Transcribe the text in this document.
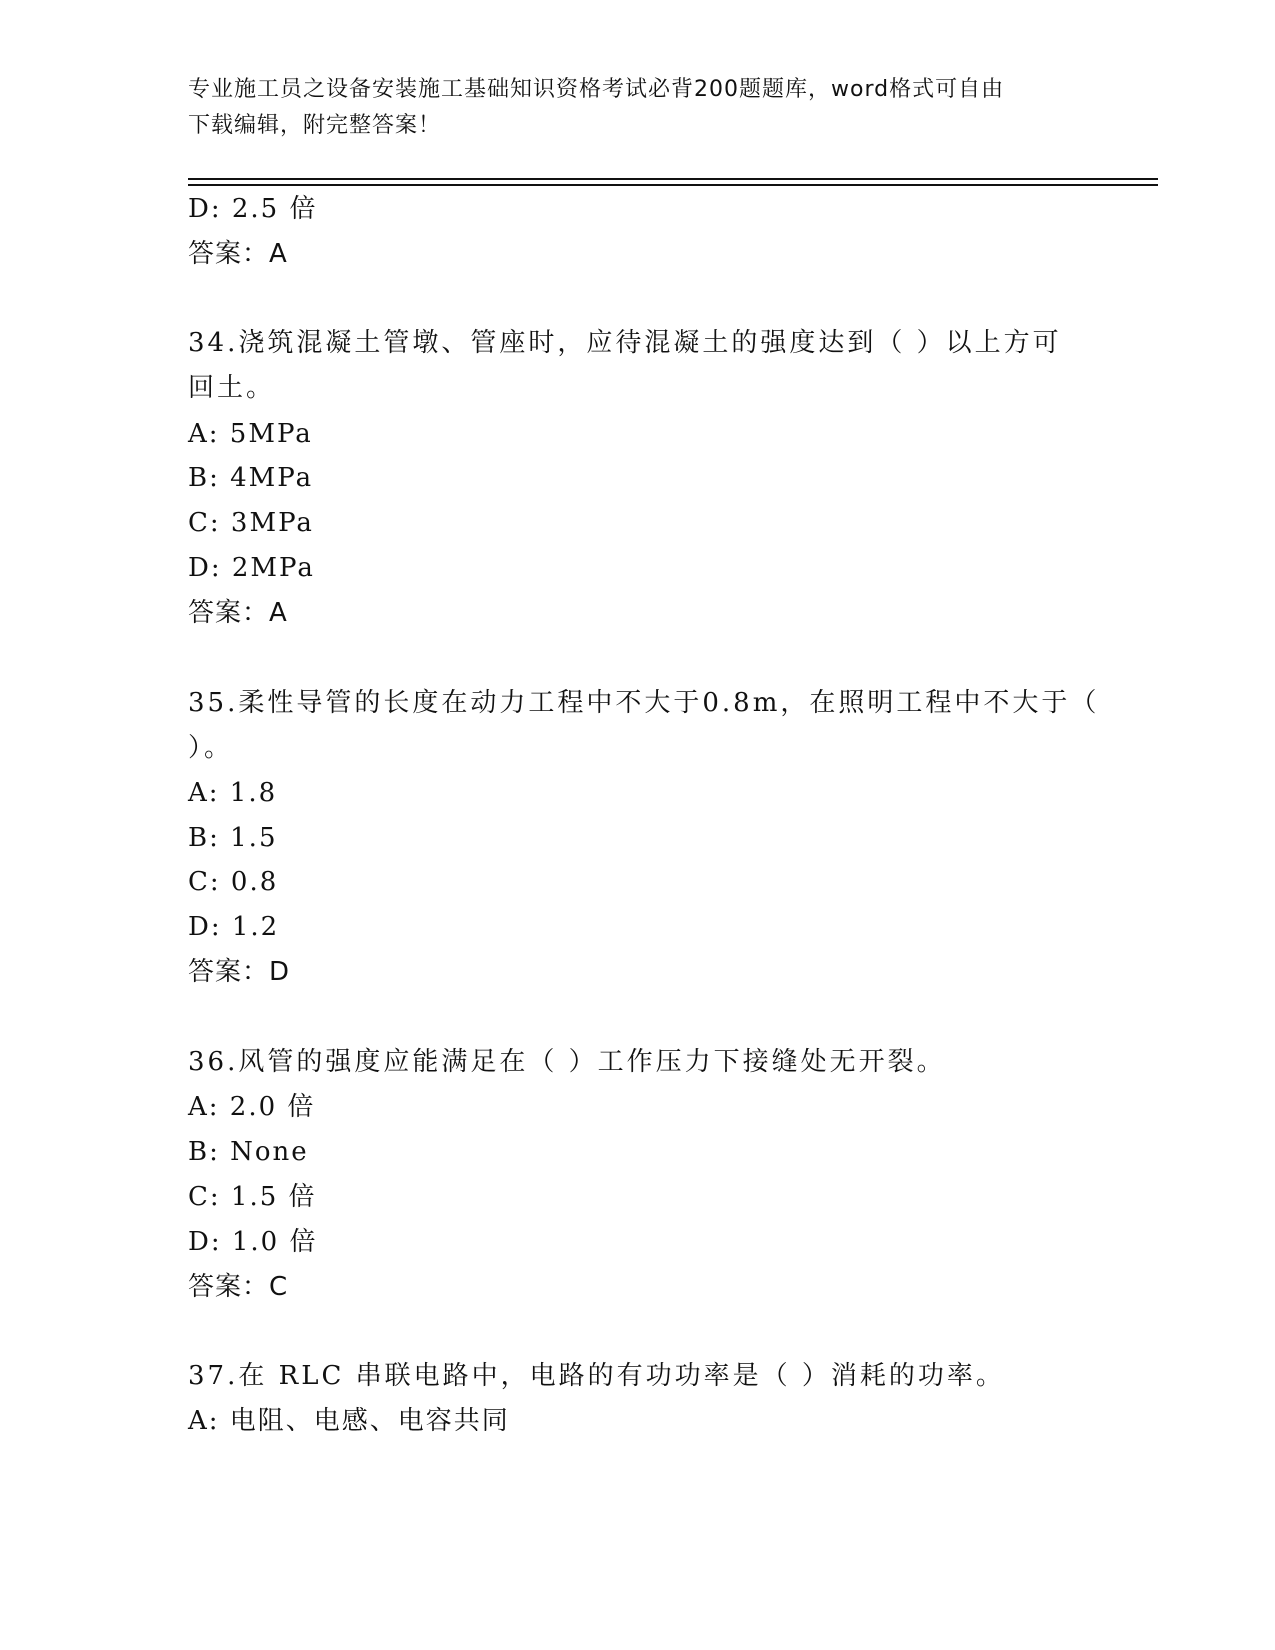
专业施工员之设备安装施工基础知识资格考试必背200题题库，word格式可自由
下载编辑，附完整答案！
D: 2.5 倍
答案：A
34.浇筑混凝土管墩、管座时，应待混凝土的强度达到（ ）以上方可
回土。
A: 5MPa
B: 4MPa
C: 3MPa
D: 2MPa
答案：A
35.柔性导管的长度在动力工程中不大于0.8m，在照明工程中不大于（
）。
A: 1.8
B: 1.5
C: 0.8
D: 1.2
答案：D
36.风管的强度应能满足在（ ）工作压力下接缝处无开裂。
A: 2.0 倍
B: None
C: 1.5 倍
D: 1.0 倍
答案：C
37.在 RLC 串联电路中，电路的有功功率是（ ）消耗的功率。
A: 电阻、电感、电容共同
